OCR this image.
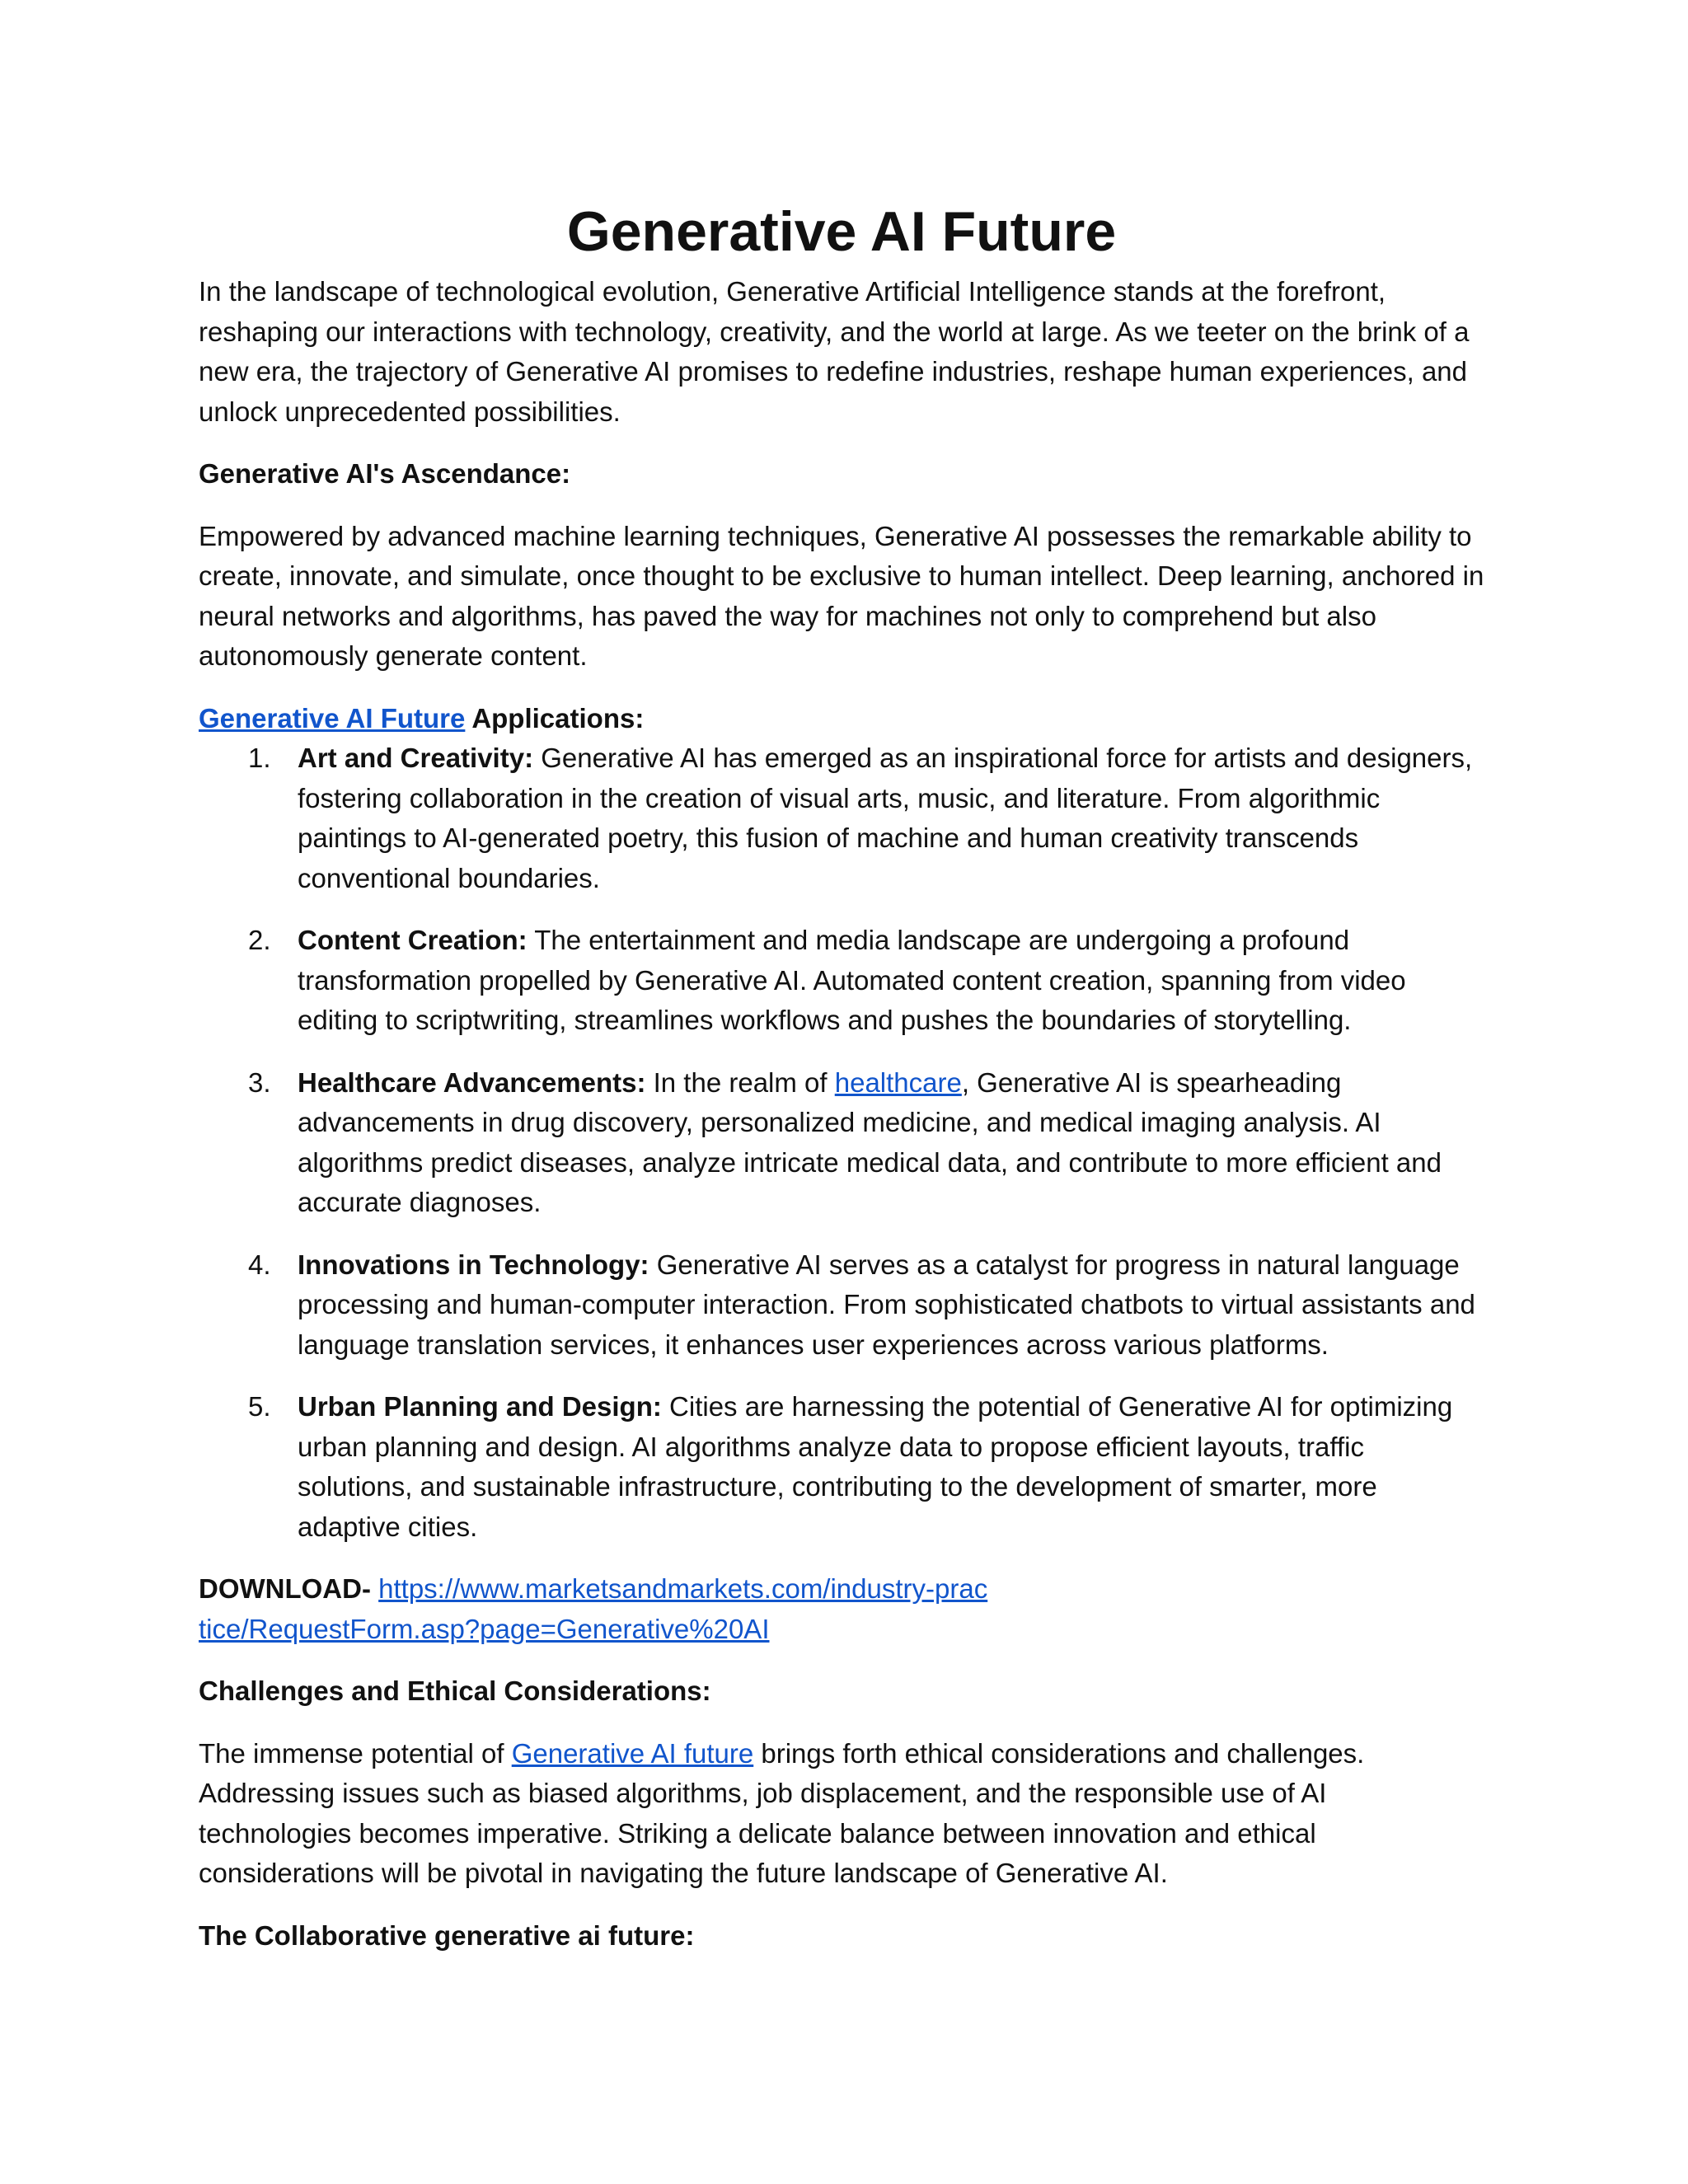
Generative AI Future

In the landscape of technological evolution, Generative Artificial Intelligence stands at the forefront, reshaping our interactions with technology, creativity, and the world at large. As we teeter on the brink of a new era, the trajectory of Generative AI promises to redefine industries, reshape human experiences, and unlock unprecedented possibilities.

Generative AI's Ascendance:

Empowered by advanced machine learning techniques, Generative AI possesses the remarkable ability to create, innovate, and simulate, once thought to be exclusive to human intellect. Deep learning, anchored in neural networks and algorithms, has paved the way for machines not only to comprehend but also autonomously generate content.

Generative AI Future Applications:

1. Art and Creativity: Generative AI has emerged as an inspirational force for artists and designers, fostering collaboration in the creation of visual arts, music, and literature. From algorithmic paintings to AI-generated poetry, this fusion of machine and human creativity transcends conventional boundaries.
2. Content Creation: The entertainment and media landscape are undergoing a profound transformation propelled by Generative AI. Automated content creation, spanning from video editing to scriptwriting, streamlines workflows and pushes the boundaries of storytelling.
3. Healthcare Advancements: In the realm of healthcare, Generative AI is spearheading advancements in drug discovery, personalized medicine, and medical imaging analysis. AI algorithms predict diseases, analyze intricate medical data, and contribute to more efficient and accurate diagnoses.
4. Innovations in Technology: Generative AI serves as a catalyst for progress in natural language processing and human-computer interaction. From sophisticated chatbots to virtual assistants and language translation services, it enhances user experiences across various platforms.
5. Urban Planning and Design: Cities are harnessing the potential of Generative AI for optimizing urban planning and design. AI algorithms analyze data to propose efficient layouts, traffic solutions, and sustainable infrastructure, contributing to the development of smarter, more adaptive cities.

DOWNLOAD- https://www.marketsandmarkets.com/industry-practice/RequestForm.asp?page=Generative%20AI

Challenges and Ethical Considerations:

The immense potential of Generative AI future brings forth ethical considerations and challenges. Addressing issues such as biased algorithms, job displacement, and the responsible use of AI technologies becomes imperative. Striking a delicate balance between innovation and ethical considerations will be pivotal in navigating the future landscape of Generative AI.

The Collaborative generative ai future:
